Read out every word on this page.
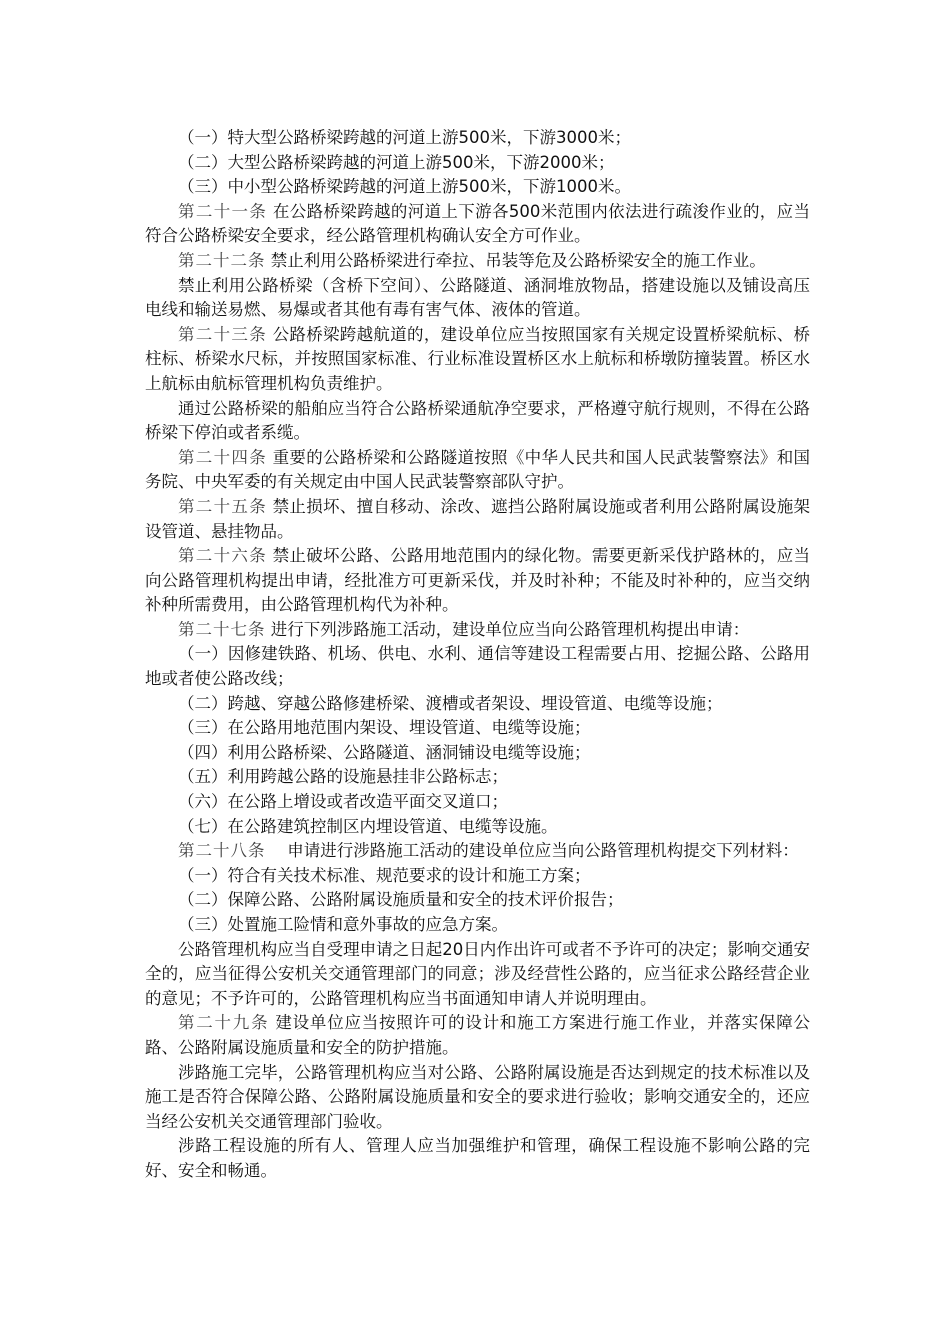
（一）特大型公路桥梁跨越的河道上游500米，下游3000米；

（二）大型公路桥梁跨越的河道上游500米，下游2000米；

（三）中小型公路桥梁跨越的河道上游500米，下游1000米。

第二十一条 在公路桥梁跨越的河道上下游各500米范围内依法进行疏浚作业的，应当符合公路桥梁安全要求，经公路管理机构确认安全方可作业。

第二十二条 禁止利用公路桥梁进行牵拉、吊装等危及公路桥梁安全的施工作业。

禁止利用公路桥梁（含桥下空间）、公路隧道、涵洞堆放物品，搭建设施以及铺设高压电线和输送易燃、易爆或者其他有毒有害气体、液体的管道。

第二十三条 公路桥梁跨越航道的，建设单位应当按照国家有关规定设置桥梁航标、桥柱标、桥梁水尺标，并按照国家标准、行业标准设置桥区水上航标和桥墩防撞装置。桥区水上航标由航标管理机构负责维护。

通过公路桥梁的船舶应当符合公路桥梁通航净空要求，严格遵守航行规则，不得在公路桥梁下停泊或者系缆。

第二十四条 重要的公路桥梁和公路隧道按照《中华人民共和国人民武装警察法》和国务院、中央军委的有关规定由中国人民武装警察部队守护。

第二十五条 禁止损坏、擅自移动、涂改、遮挡公路附属设施或者利用公路附属设施架设管道、悬挂物品。

第二十六条 禁止破坏公路、公路用地范围内的绿化物。需要更新采伐护路林的，应当向公路管理机构提出申请，经批准方可更新采伐，并及时补种；不能及时补种的，应当交纳补种所需费用，由公路管理机构代为补种。

第二十七条 进行下列涉路施工活动，建设单位应当向公路管理机构提出申请：

（一）因修建铁路、机场、供电、水利、通信等建设工程需要占用、挖掘公路、公路用地或者使公路改线；

（二）跨越、穿越公路修建桥梁、渡槽或者架设、埋设管道、电缆等设施；

（三）在公路用地范围内架设、埋设管道、电缆等设施；

（四）利用公路桥梁、公路隧道、涵洞铺设电缆等设施；

（五）利用跨越公路的设施悬挂非公路标志；

（六）在公路上增设或者改造平面交叉道口；

（七）在公路建筑控制区内埋设管道、电缆等设施。

第二十八条 　申请进行涉路施工活动的建设单位应当向公路管理机构提交下列材料：

（一）符合有关技术标准、规范要求的设计和施工方案；

（二）保障公路、公路附属设施质量和安全的技术评价报告；

（三）处置施工险情和意外事故的应急方案。

公路管理机构应当自受理申请之日起20日内作出许可或者不予许可的决定；影响交通安全的，应当征得公安机关交通管理部门的同意；涉及经营性公路的，应当征求公路经营企业的意见；不予许可的，公路管理机构应当书面通知申请人并说明理由。

第二十九条 建设单位应当按照许可的设计和施工方案进行施工作业，并落实保障公路、公路附属设施质量和安全的防护措施。

涉路施工完毕，公路管理机构应当对公路、公路附属设施是否达到规定的技术标准以及施工是否符合保障公路、公路附属设施质量和安全的要求进行验收；影响交通安全的，还应当经公安机关交通管理部门验收。

涉路工程设施的所有人、管理人应当加强维护和管理，确保工程设施不影响公路的完好、安全和畅通。
